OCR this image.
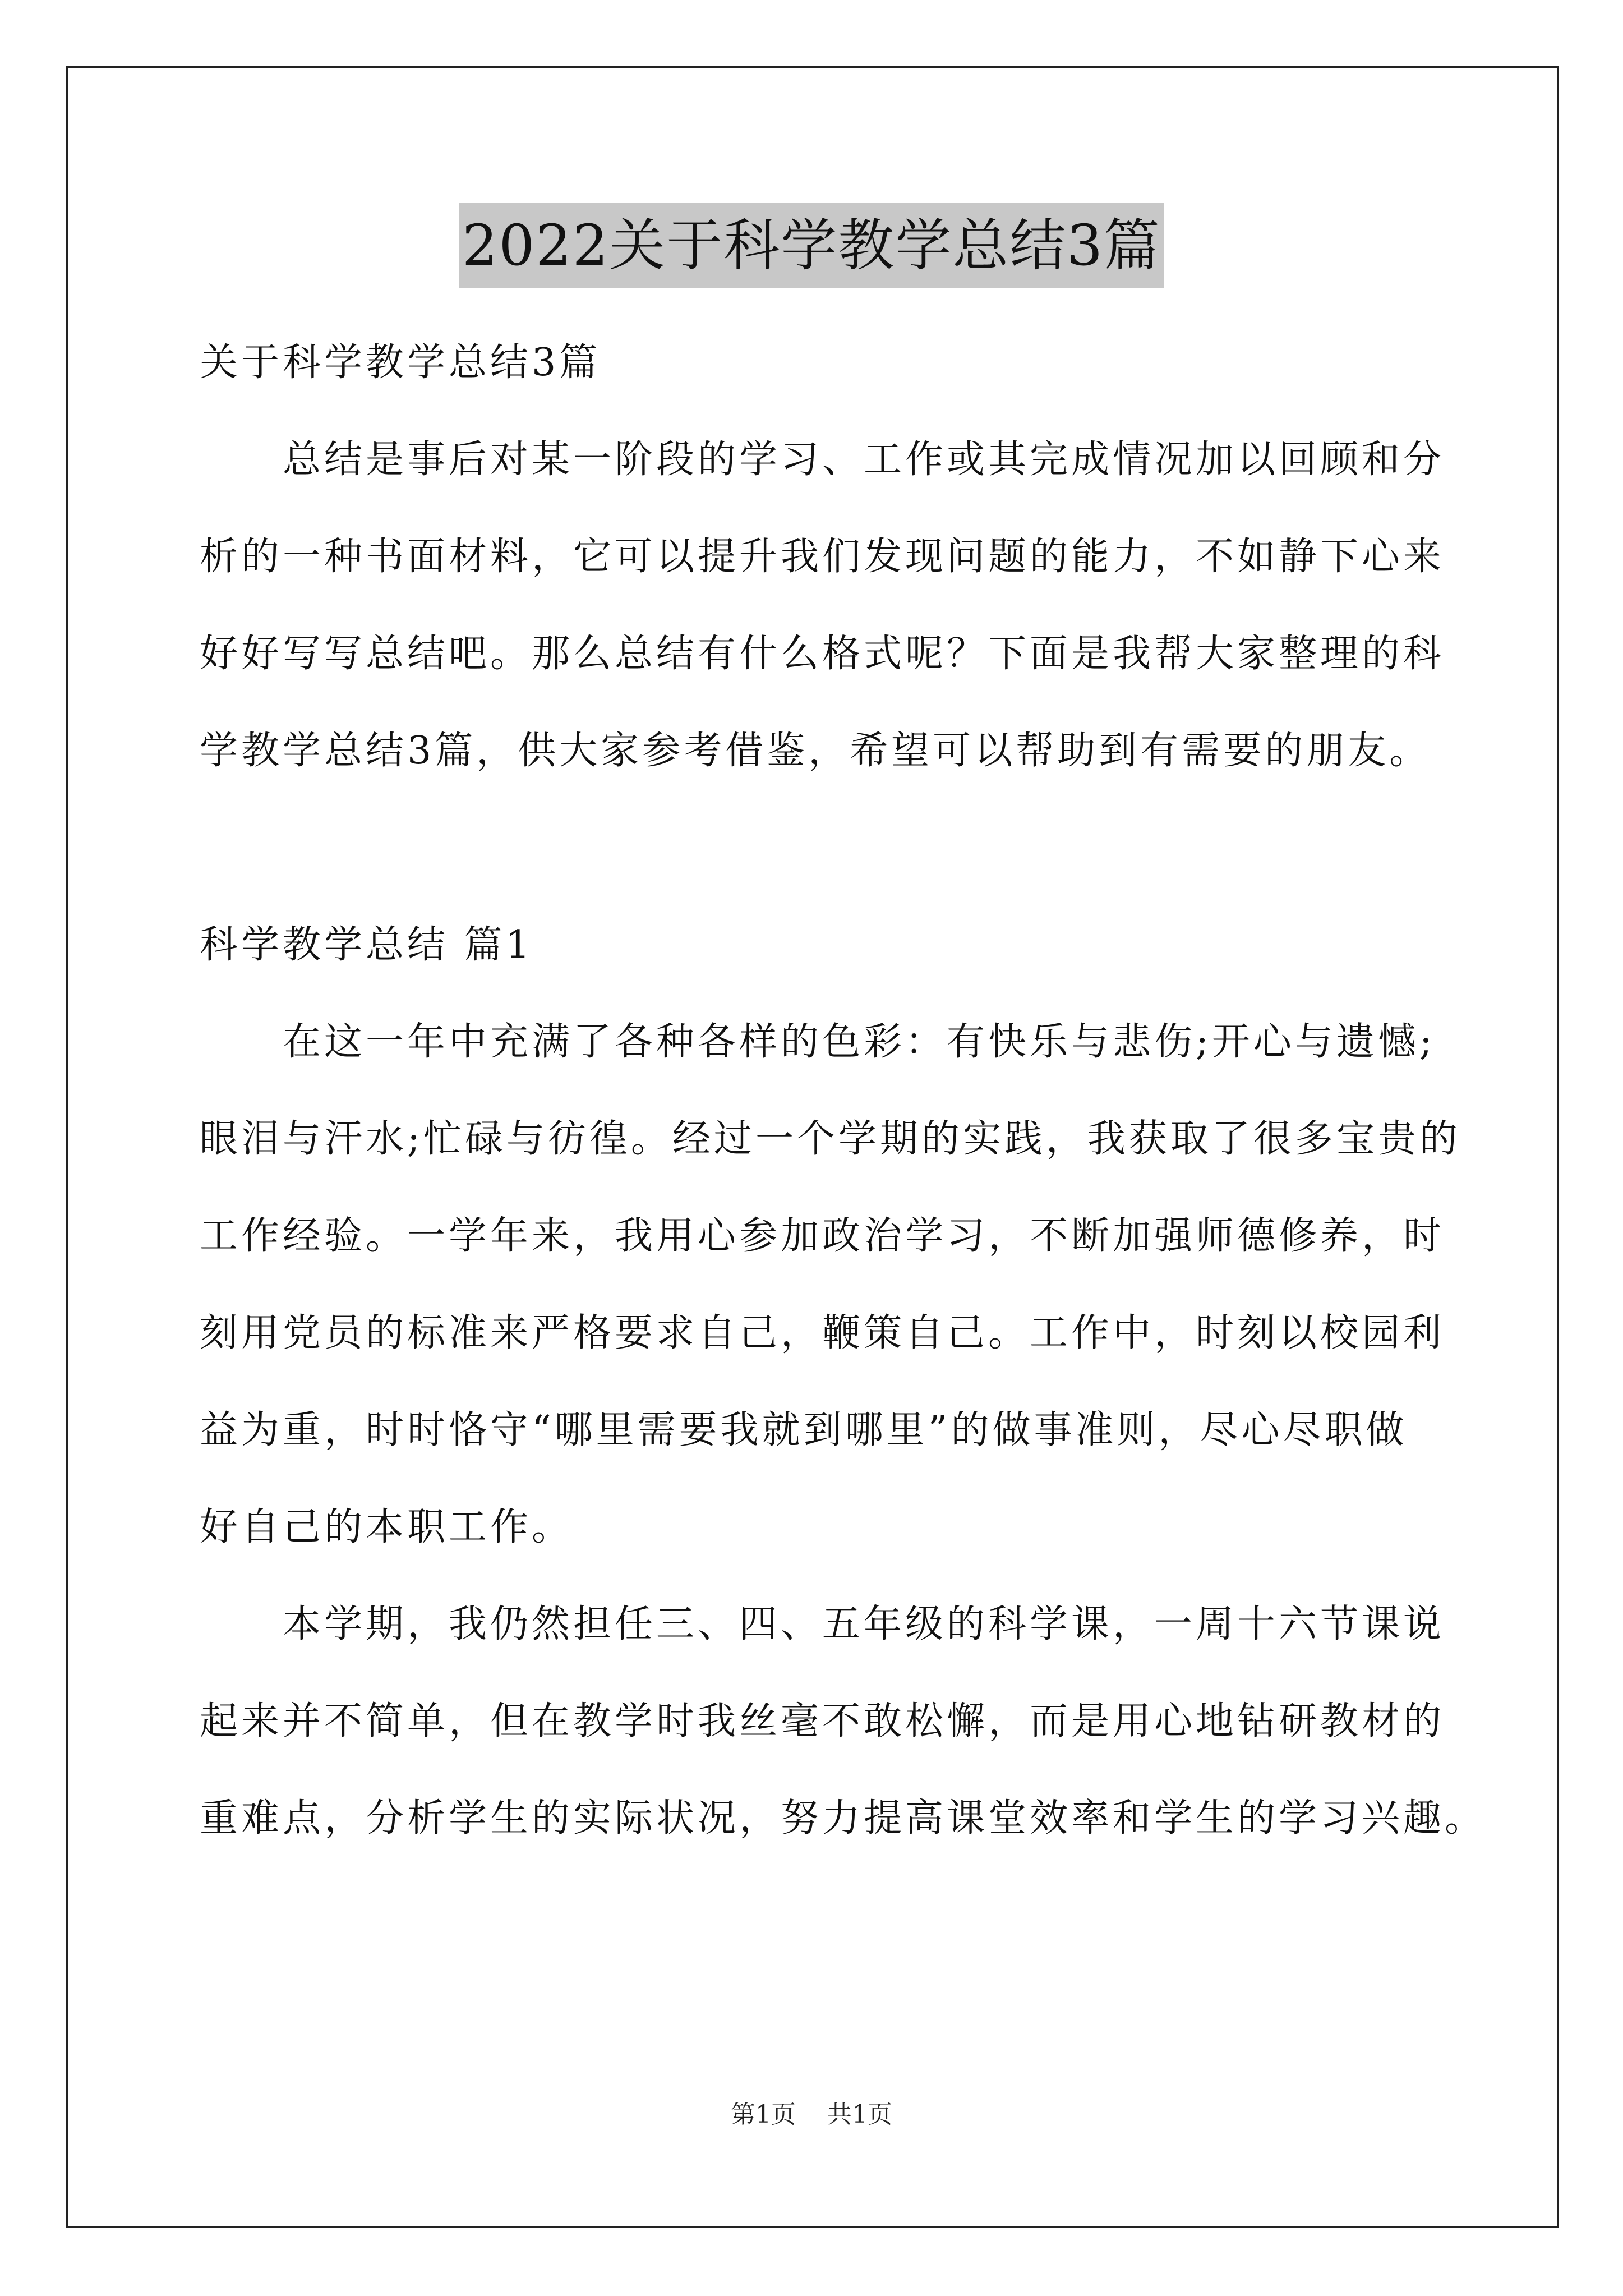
2022关于科学教学总结3篇
关于科学教学总结3篇
　　总结是事后对某一阶段的学习、工作或其完成情况加以回顾和分
析的一种书面材料，它可以提升我们发现问题的能力，不如静下心来
好好写写总结吧。那么总结有什么格式呢？下面是我帮大家整理的科
学教学总结3篇，供大家参考借鉴，希望可以帮助到有需要的朋友。
科学教学总结 篇1
　　在这一年中充满了各种各样的色彩：有快乐与悲伤;开心与遗憾;
眼泪与汗水;忙碌与彷徨。经过一个学期的实践，我获取了很多宝贵的
工作经验。一学年来，我用心参加政治学习，不断加强师德修养，时
刻用党员的标准来严格要求自己，鞭策自己。工作中，时刻以校园利
益为重，时时恪守“哪里需要我就到哪里”的做事准则，尽心尽职做
好自己的本职工作。
　　本学期，我仍然担任三、四、五年级的科学课，一周十六节课说
起来并不简单，但在教学时我丝毫不敢松懈，而是用心地钻研教材的
重难点，分析学生的实际状况，努力提高课堂效率和学生的学习兴趣。
第1页 共1页
